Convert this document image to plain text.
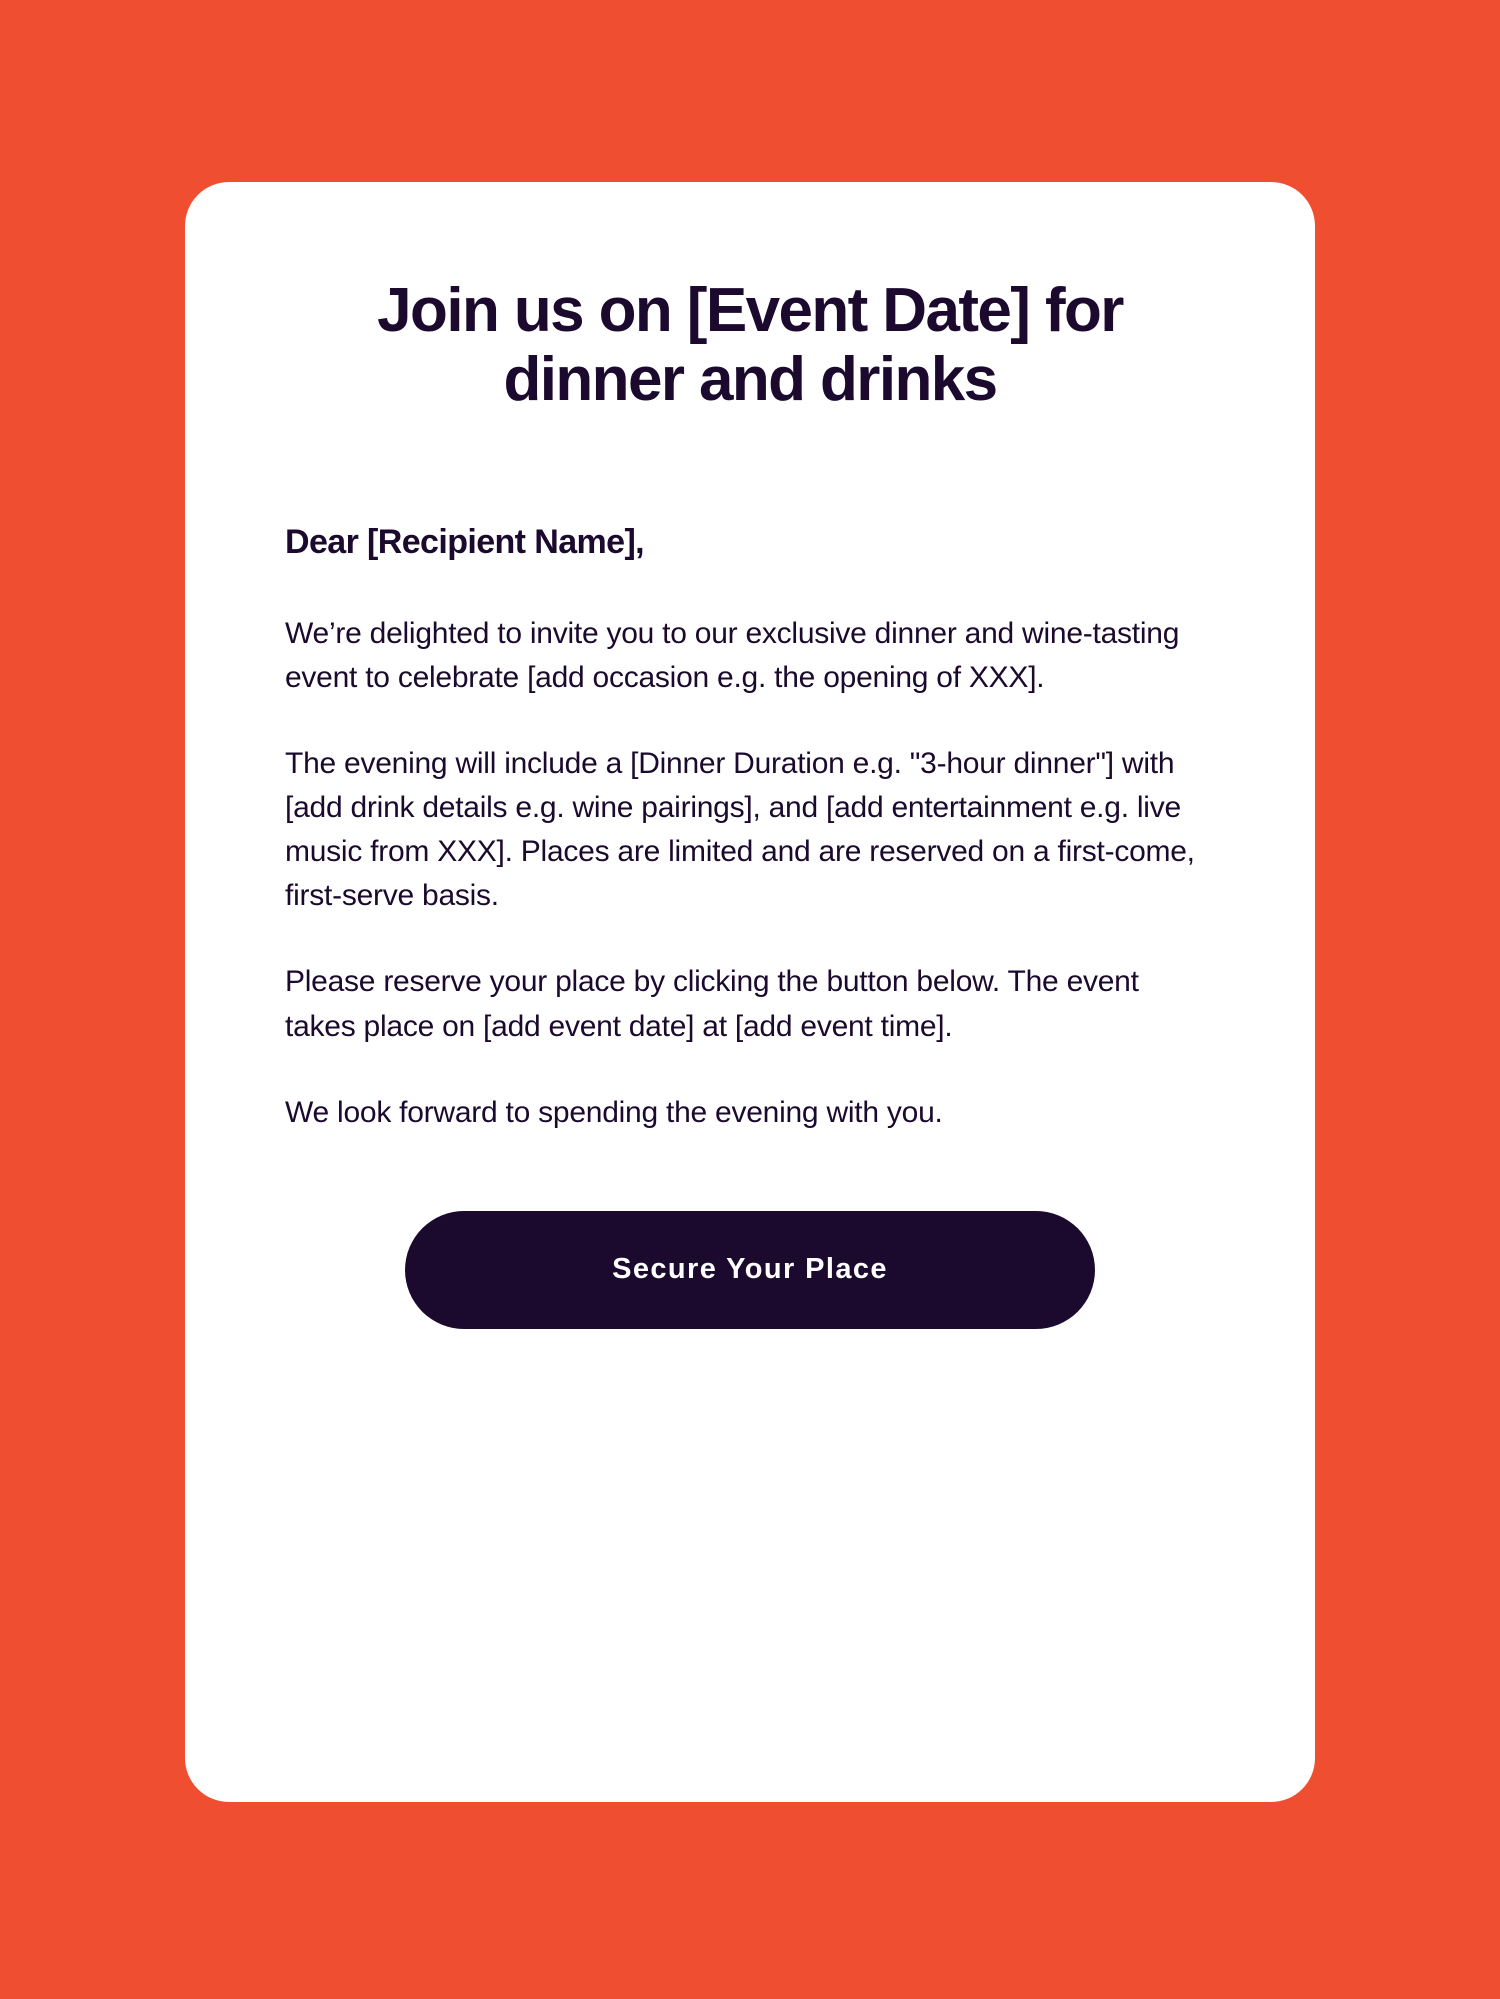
Join us on [Event Date] for dinner and drinks

Dear [Recipient Name],

We’re delighted to invite you to our exclusive dinner and wine-tasting event to celebrate [add occasion e.g. the opening of XXX].

The evening will include a [Dinner Duration e.g. "3-hour dinner"] with [add drink details e.g. wine pairings], and [add entertainment e.g. live music from XXX]. Places are limited and are reserved on a first-come, first-serve basis.

Please reserve your place by clicking the button below. The event takes place on [add event date] at [add event time].

We look forward to spending the evening with you.

Secure Your Place
